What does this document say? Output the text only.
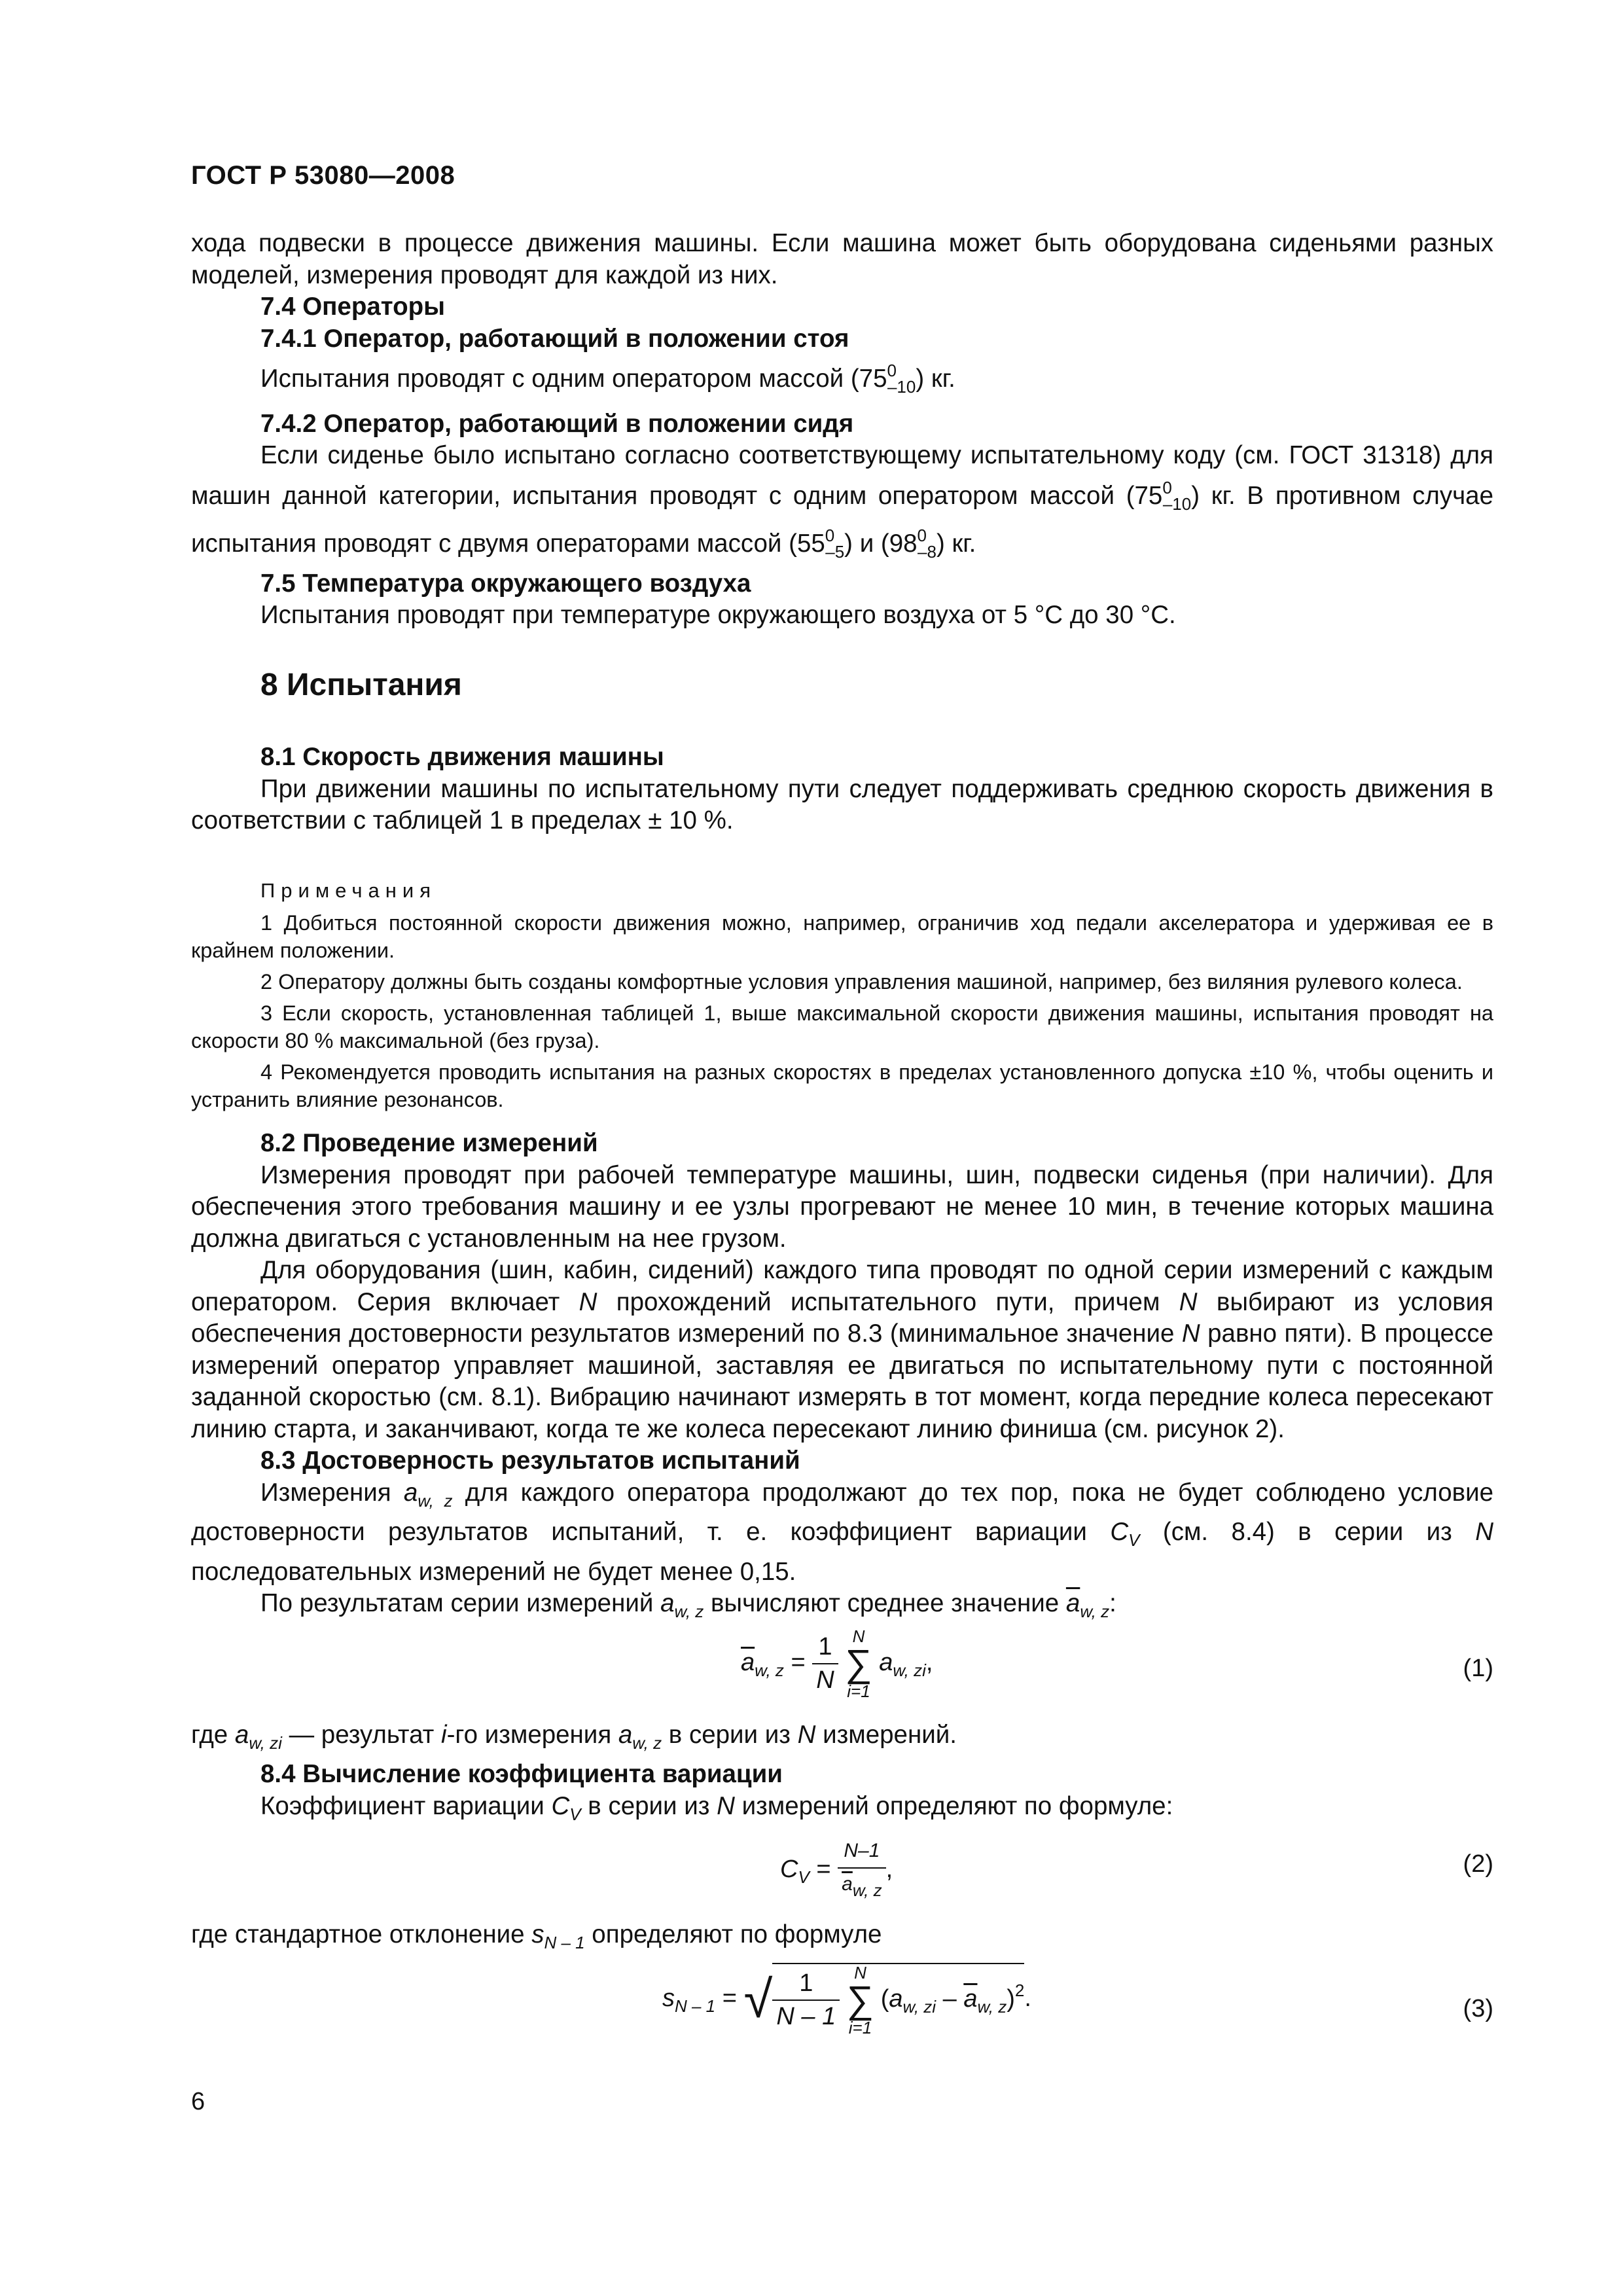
ГОСТ Р 53080—2008

хода подвески в процессе движения машины. Если машина может быть оборудована сиденьями разных моделей, измерения проводят для каждой из них.

7.4 Операторы

7.4.1 Оператор, работающий в положении стоя

Испытания проводят с одним оператором массой $(75^0_{-10})$ кг.

7.4.2 Оператор, работающий в положении сидя

Если сиденье было испытано согласно соответствующему испытательному коду (см. ГОСТ 31318) для машин данной категории, испытания проводят с одним оператором массой $(75^0_{-10})$ кг. В противном случае испытания проводят с двумя операторами массой $(55^0_{-5})$ и $(98^0_{-8})$ кг.

7.5 Температура окружающего воздуха

Испытания проводят при температуре окружающего воздуха от 5 °С до 30 °С.

8 Испытания

8.1 Скорость движения машины

При движении машины по испытательному пути следует поддерживать среднюю скорость движения в соответствии с таблицей 1 в пределах ± 10 %.

Примечания

1 Добиться постоянной скорости движения можно, например, ограничив ход педали акселератора и удерживая ее в крайнем положении.

2 Оператору должны быть созданы комфортные условия управления машиной, например, без виляния рулевого колеса.

3 Если скорость, установленная таблицей 1, выше максимальной скорости движения машины, испытания проводят на скорости 80 % максимальной (без груза).

4 Рекомендуется проводить испытания на разных скоростях в пределах установленного допуска ±10 %, чтобы оценить и устранить влияние резонансов.

8.2 Проведение измерений

Измерения проводят при рабочей температуре машины, шин, подвески сиденья (при наличии). Для обеспечения этого требования машину и ее узлы прогревают не менее 10 мин, в течение которых машина должна двигаться с установленным на нее грузом.

Для оборудования (шин, кабин, сидений) каждого типа проводят по одной серии измерений с каждым оператором. Серия включает N прохождений испытательного пути, причем N выбирают из условия обеспечения достоверности результатов измерений по 8.3 (минимальное значение N равно пяти). В процессе измерений оператор управляет машиной, заставляя ее двигаться по испытательному пути с постоянной заданной скоростью (см. 8.1). Вибрацию начинают измерять в тот момент, когда передние колеса пересекают линию старта, и заканчивают, когда те же колеса пересекают линию финиша (см. рисунок 2).

8.3 Достоверность результатов испытаний

Измерения $a_{w, z}$ для каждого оператора продолжают до тех пор, пока не будет соблюдено условие достоверности результатов испытаний, т. е. коэффициент вариации $C_V$ (см. 8.4) в серии из N последовательных измерений не будет менее 0,15.

По результатам серии измерений $a_{w, z}$ вычисляют среднее значение $\overline{a}_{w, z}$:

$\overline{a}_{w, z} = \frac{1}{N}$
N
∑
i=1
$a_{w, zi}$,	(1)

где $a_{w, zi}$ — результат i-го измерения $a_{w, z}$ в серии из N измерений.

8.4 Вычисление коэффициента вариации

Коэффициент вариации $C_V$ в серии из N измерений определяют по формуле:

$C_V = \frac{N-1}{\overline{a}w, z}$ ,	(2)

где стандартное отклонение $s_{N - 1}$ определяют по формуле

$s_{N - 1}$ = √ $\frac{1}{N - 1}$
N
∑
i=1
$(a_{w, zi} - \overline{a}_{w, z})^2$.	(3)
6
